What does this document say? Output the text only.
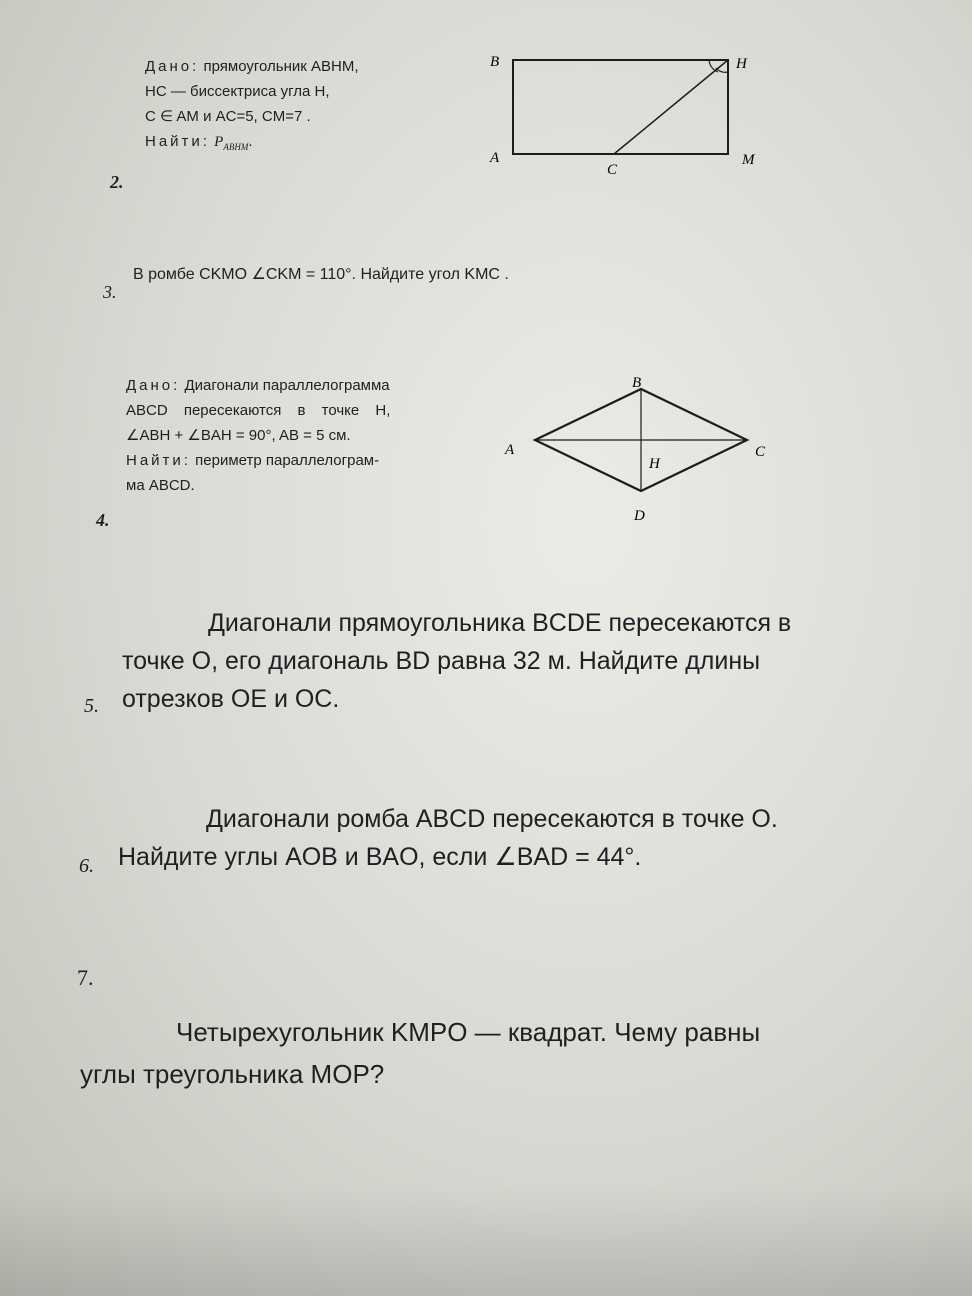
Дано: прямоугольник ABHM,
HC — биссектриса угла H,
C ∈ AM и AC=5, CM=7 .
Найти: $P_{ABHM}$.
2.
B	H
A
C
M
В ромбе CKMO ∠CKM = 110°. Найдите угол KMC .
3.
Дано: Диагонали параллелограмма
ABCD пересекаются в точке H,
∠ABH + ∠BAH = 90°, AB = 5 см.
Найти: периметр параллелограм-
ма ABCD.
4.
B
A	C
H
D
Диагонали прямоугольника BCDE пересекаются в
точке O, его диагональ BD равна 32 м. Найдите длины
отрезков OE и OC.
5.
Диагонали ромба ABCD пересекаются в точке O.
Найдите углы AOB и BAO, если ∠BAD = 44°.
6.
7.
Четырехугольник KMPO — квадрат. Чему равны
углы треугольника MOP?
